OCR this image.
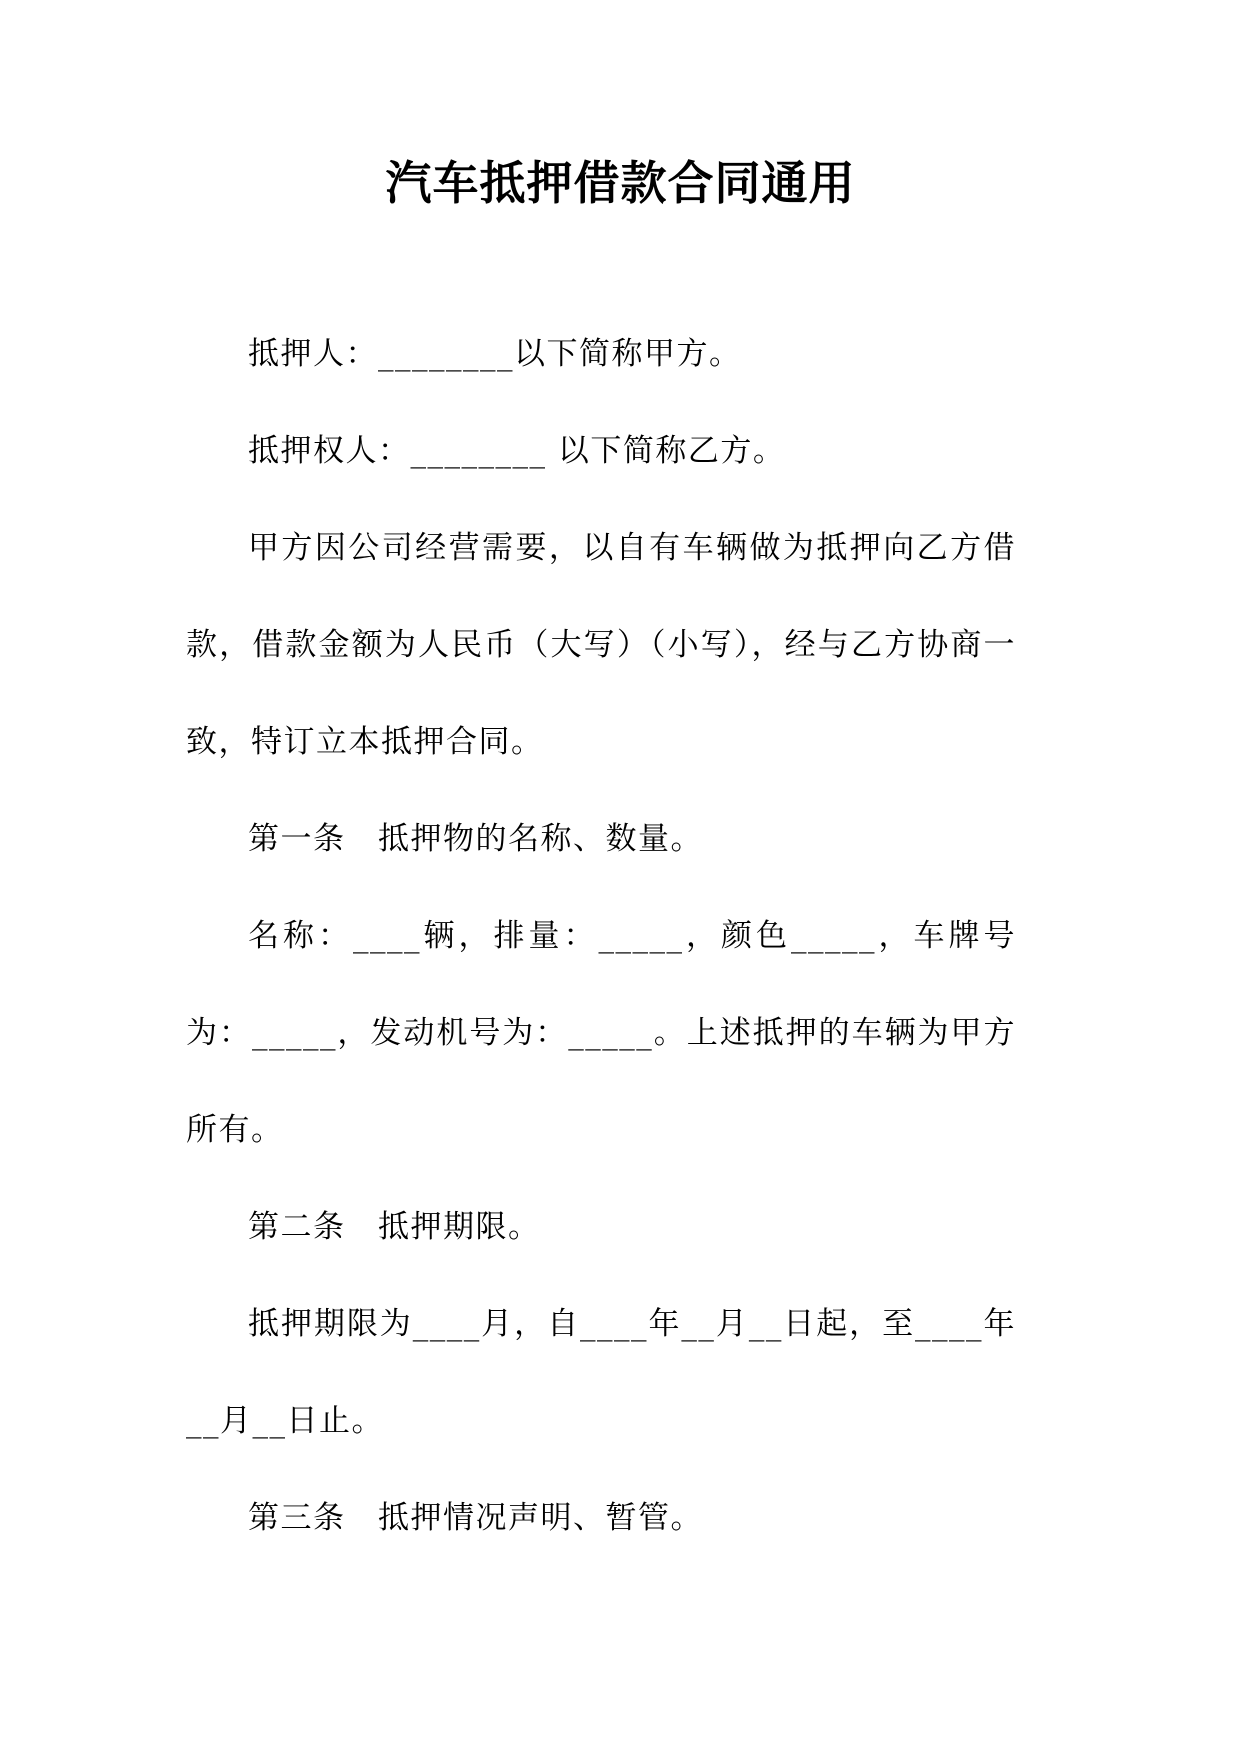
汽车抵押借款合同通用

抵押人：________以下简称甲方。

抵押权人：________ 以下简称乙方。

甲方因公司经营需要，以自有车辆做为抵押向乙方借款，借款金额为人民币（大写）（小写），经与乙方协商一致，特订立本抵押合同。

第一条　抵押物的名称、数量。

名称：____辆，排量：_____，颜色_____，车牌号为：_____，发动机号为：_____。上述抵押的车辆为甲方所有。

第二条　抵押期限。

抵押期限为____月，自____年__月__日起，至____年__月__日止。

第三条　抵押情况声明、暂管。
